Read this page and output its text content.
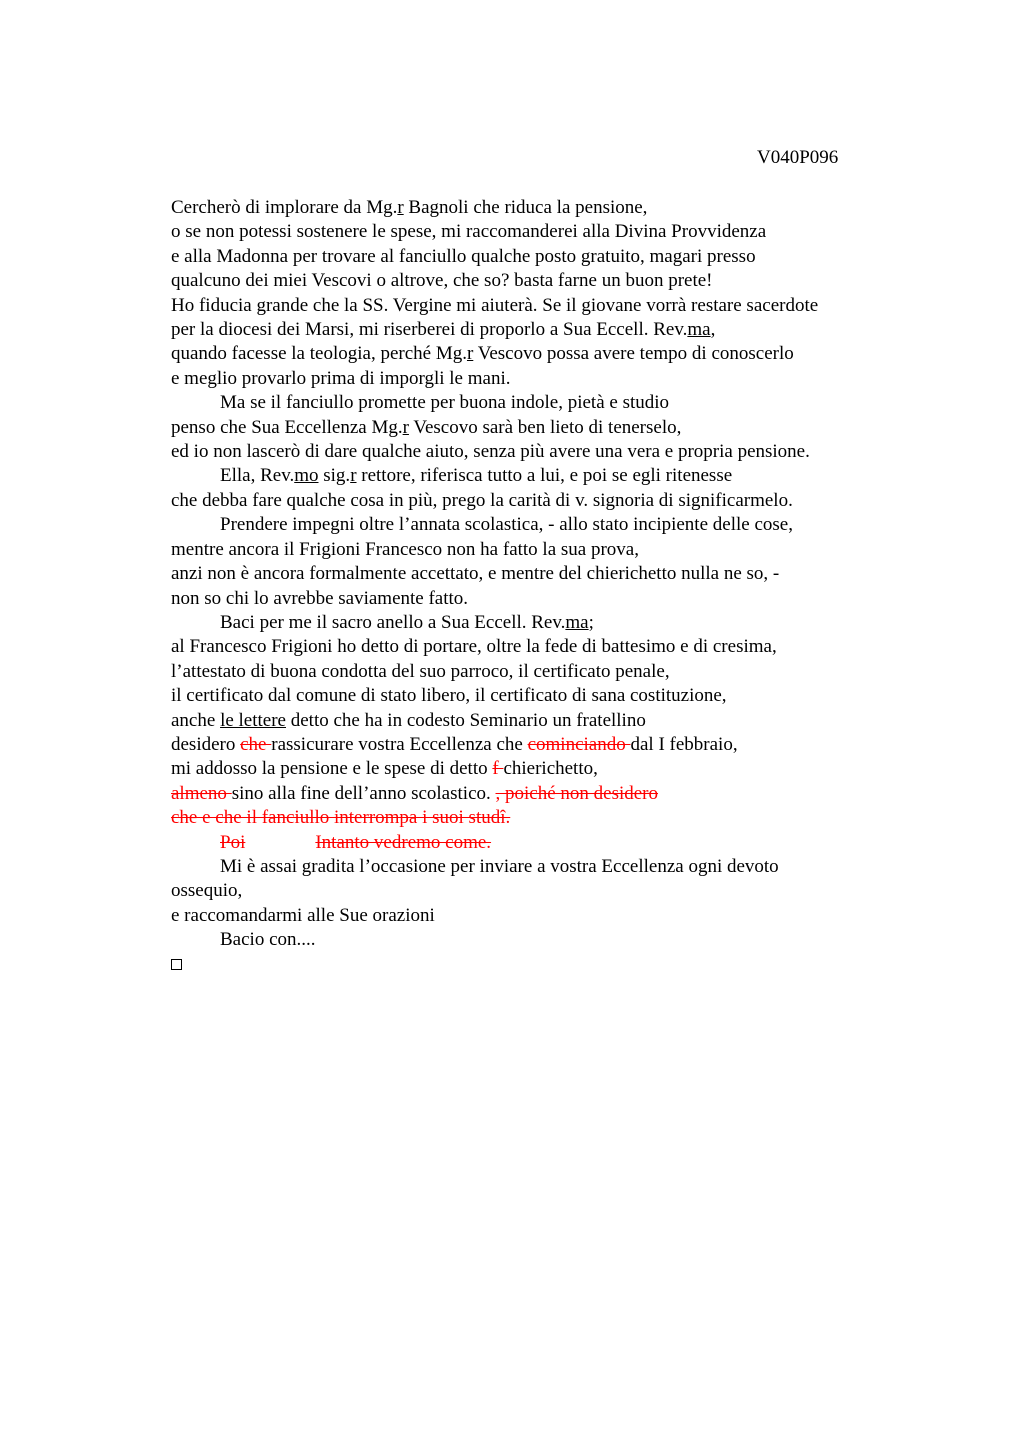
V040P096
Cercherò di implorare da Mg.r Bagnoli che riduca la pensione,
o se non potessi sostenere le spese, mi raccomanderei alla Divina Provvidenza
e alla Madonna per trovare al fanciullo qualche posto gratuito, magari presso
qualcuno dei miei Vescovi o altrove, che so? basta farne un buon prete!
Ho fiducia grande che la SS. Vergine mi aiuterà. Se il giovane vorrà restare sacerdote
per la diocesi dei Marsi, mi riserberei di proporlo a Sua Eccell. Rev.ma,
quando facesse la teologia, perché Mg.r Vescovo possa avere tempo di conoscerlo
e meglio provarlo prima di imporgli le mani.
Ma se il fanciullo promette per buona indole, pietà e studio
penso che Sua Eccellenza Mg.r Vescovo sarà ben lieto di tenerselo,
ed io non lascerò di dare qualche aiuto, senza più avere una vera e propria pensione.
Ella, Rev.mo sig.r rettore, riferisca tutto a lui, e poi se egli ritenesse
che debba fare qualche cosa in più, prego la carità di v. signoria di significarmelo.
Prendere impegni oltre l’annata scolastica, - allo stato incipiente delle cose,
mentre ancora il Frigioni Francesco non ha fatto la sua prova,
anzi non è ancora formalmente accettato, e mentre del chierichetto nulla ne so, -
non so chi lo avrebbe saviamente fatto.
Baci per me il sacro anello a Sua Eccell. Rev.ma;
al Francesco Frigioni ho detto di portare, oltre la fede di battesimo e di cresima,
l’attestato di buona condotta del suo parroco, il certificato penale,
il certificato dal comune di stato libero, il certificato di sana costituzione,
anche le lettere detto che ha in codesto Seminario un fratellino
desidero che rassicurare vostra Eccellenza che cominciando dal I febbraio,
mi addosso la pensione e le spese di detto f chierichetto,
almeno sino alla fine dell’anno scolastico. , poiché non desidero
che e che il fanciullo interrompa i suoi studî.
Poi	Intanto vedremo come.
Mi è assai gradita l’occasione per inviare a vostra Eccellenza ogni devoto
ossequio,
e raccomandarmi alle Sue orazioni
Bacio con....
